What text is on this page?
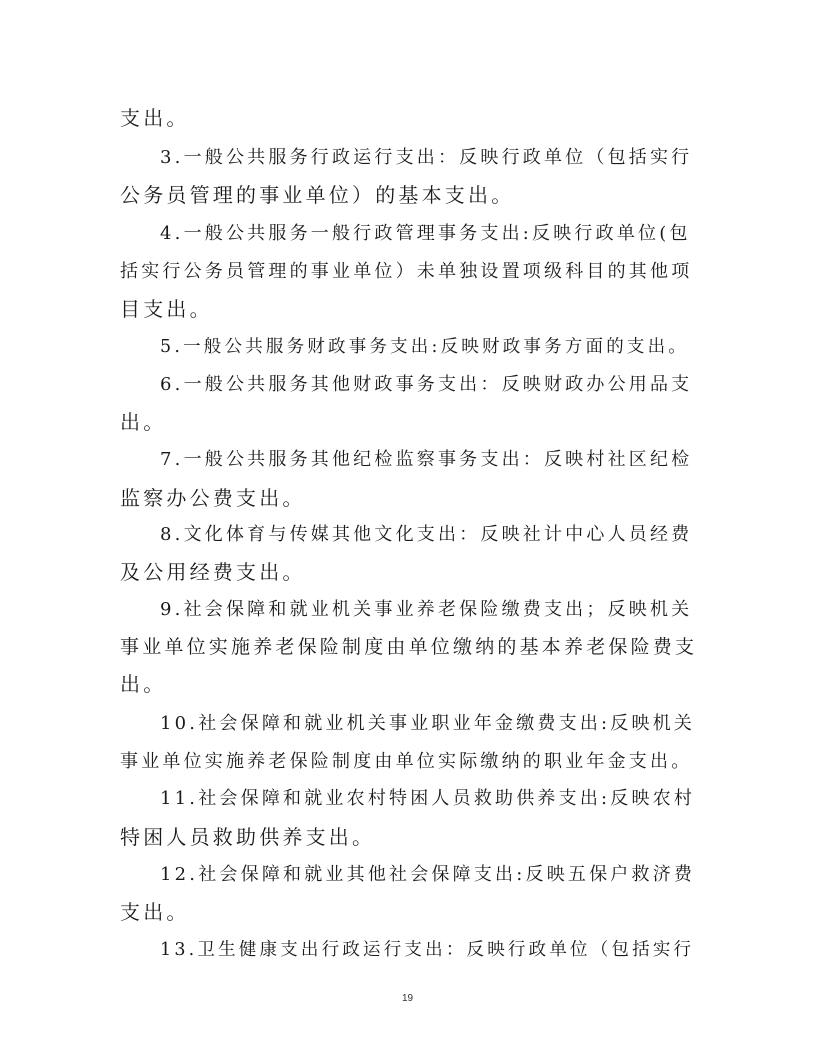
支出。

3.一般公共服务行政运行支出：反映行政单位（包括实行

公务员管理的事业单位）的基本支出。

4.一般公共服务一般行政管理事务支出:反映行政单位(包

括实行公务员管理的事业单位）未单独设置项级科目的其他项

目支出。

5.一般公共服务财政事务支出:反映财政事务方面的支出。

6.一般公共服务其他财政事务支出：反映财政办公用品支

出。

7.一般公共服务其他纪检监察事务支出：反映村社区纪检

监察办公费支出。

8.文化体育与传媒其他文化支出：反映社计中心人员经费

及公用经费支出。

9.社会保障和就业机关事业养老保险缴费支出；反映机关

事业单位实施养老保险制度由单位缴纳的基本养老保险费支

出。

10.社会保障和就业机关事业职业年金缴费支出:反映机关

事业单位实施养老保险制度由单位实际缴纳的职业年金支出。

11.社会保障和就业农村特困人员救助供养支出:反映农村

特困人员救助供养支出。

12.社会保障和就业其他社会保障支出:反映五保户救济费

支出。

13.卫生健康支出行政运行支出：反映行政单位（包括实行

19
